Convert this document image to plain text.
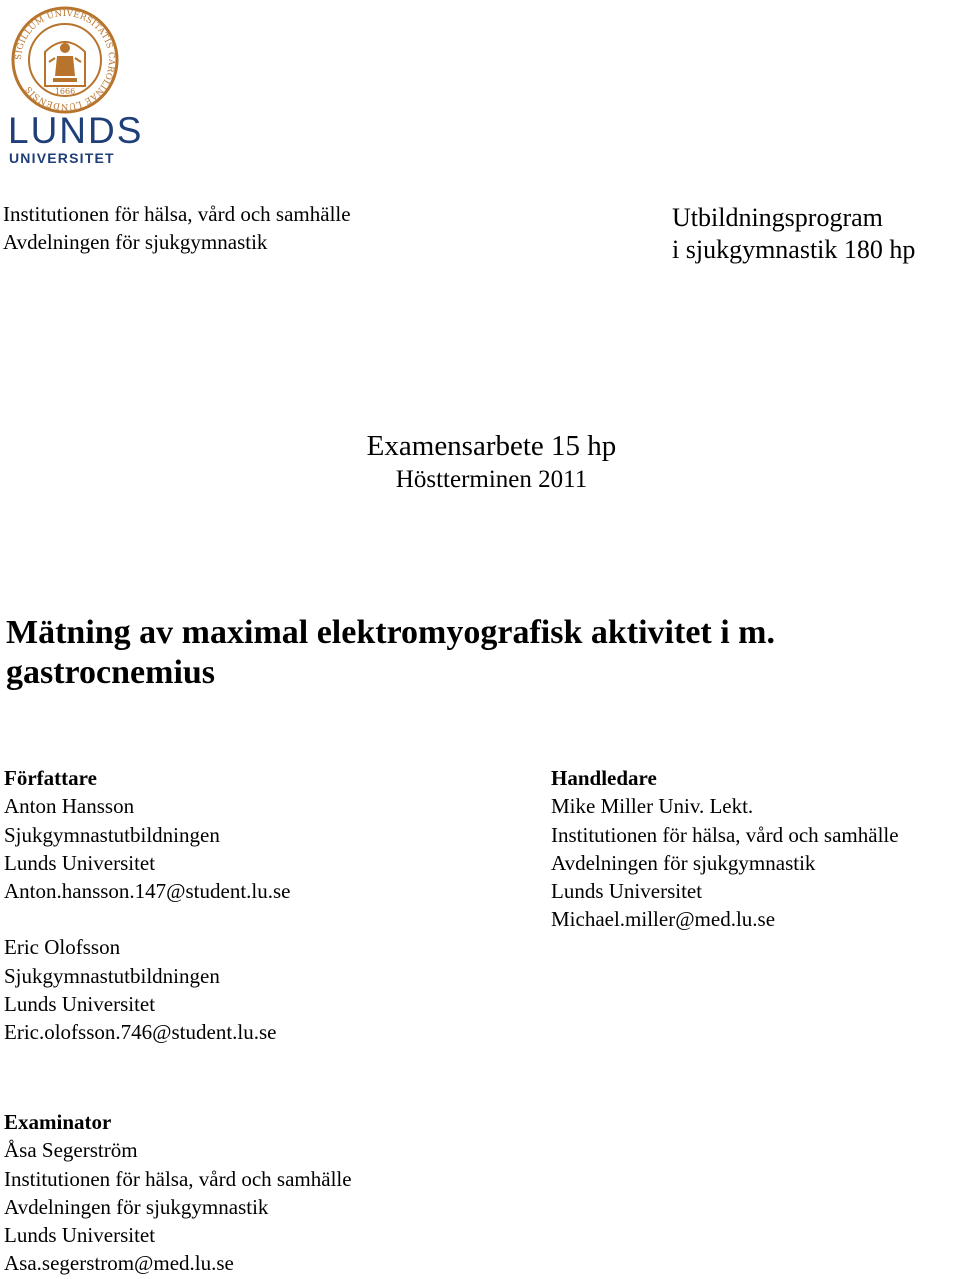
SIGILLUM UNIVERSITATIS CAROLINAE LUNDENSIS	1666
LUNDS
UNIVERSITET
Institutionen för hälsa, vård och samhälle
Avdelningen för sjukgymnastik
Utbildningsprogram
i sjukgymnastik 180 hp
Examensarbete 15 hp
Höstterminen 2011
Mätning av maximal elektromyografisk aktivitet i m. gastrocnemius
Författare
Anton Hansson
Sjukgymnastutbildningen
Lunds Universitet
Anton.hansson.147@student.lu.se
Eric Olofsson
Sjukgymnastutbildningen
Lunds Universitet
Eric.olofsson.746@student.lu.se
Handledare
Mike Miller Univ. Lekt.
Institutionen för hälsa, vård och samhälle
Avdelningen för sjukgymnastik
Lunds Universitet
Michael.miller@med.lu.se
Examinator
Åsa Segerström
Institutionen för hälsa, vård och samhälle
Avdelningen för sjukgymnastik
Lunds Universitet
Asa.segerstrom@med.lu.se
